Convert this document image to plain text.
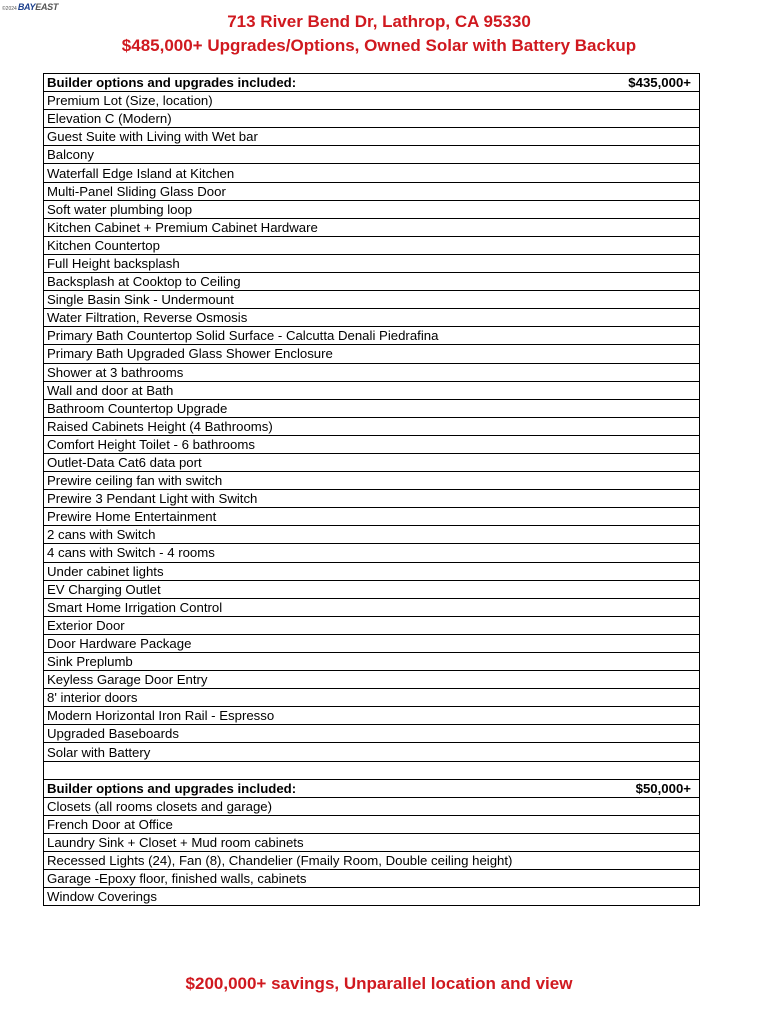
©2024 BAYEAST
713 River Bend Dr, Lathrop, CA 95330
$485,000+ Upgrades/Options, Owned Solar with Battery Backup
Builder options and upgrades included:	$435,000+
Premium Lot (Size, location)	
Elevation C (Modern)	
Guest Suite with Living with Wet bar	
Balcony	
Waterfall Edge Island at Kitchen	
Multi-Panel Sliding Glass Door	
Soft water plumbing loop	
Kitchen Cabinet + Premium Cabinet Hardware	
Kitchen Countertop	
Full Height backsplash	
Backsplash at Cooktop to Ceiling	
Single Basin Sink - Undermount	
Water Filtration, Reverse Osmosis	
Primary Bath Countertop Solid Surface - Calcutta Denali Piedrafina	
Primary Bath Upgraded Glass Shower Enclosure	
Shower at 3 bathrooms	
Wall and door at Bath	
Bathroom Countertop Upgrade	
Raised Cabinets Height (4 Bathrooms)	
Comfort Height Toilet - 6 bathrooms	
Outlet-Data Cat6 data port	
Prewire ceiling fan with switch	
Prewire 3 Pendant Light with Switch	
Prewire Home Entertainment	
2 cans with Switch	
4 cans with Switch - 4 rooms	
Under cabinet lights	
EV Charging Outlet	
Smart Home Irrigation Control	
Exterior Door	
Door Hardware Package	
Sink Preplumb	
Keyless Garage Door Entry	
8' interior doors	
Modern Horizontal Iron Rail - Espresso	
Upgraded Baseboards	
Solar with Battery	

Builder options and upgrades included:	$50,000+
Closets (all rooms closets and garage)	
French Door at Office	
Laundry Sink + Closet + Mud room cabinets	
Recessed Lights (24), Fan (8), Chandelier (Fmaily Room, Double ceiling height)	
Garage -Epoxy floor, finished walls, cabinets	
Window Coverings	
$200,000+ savings, Unparallel location and view
